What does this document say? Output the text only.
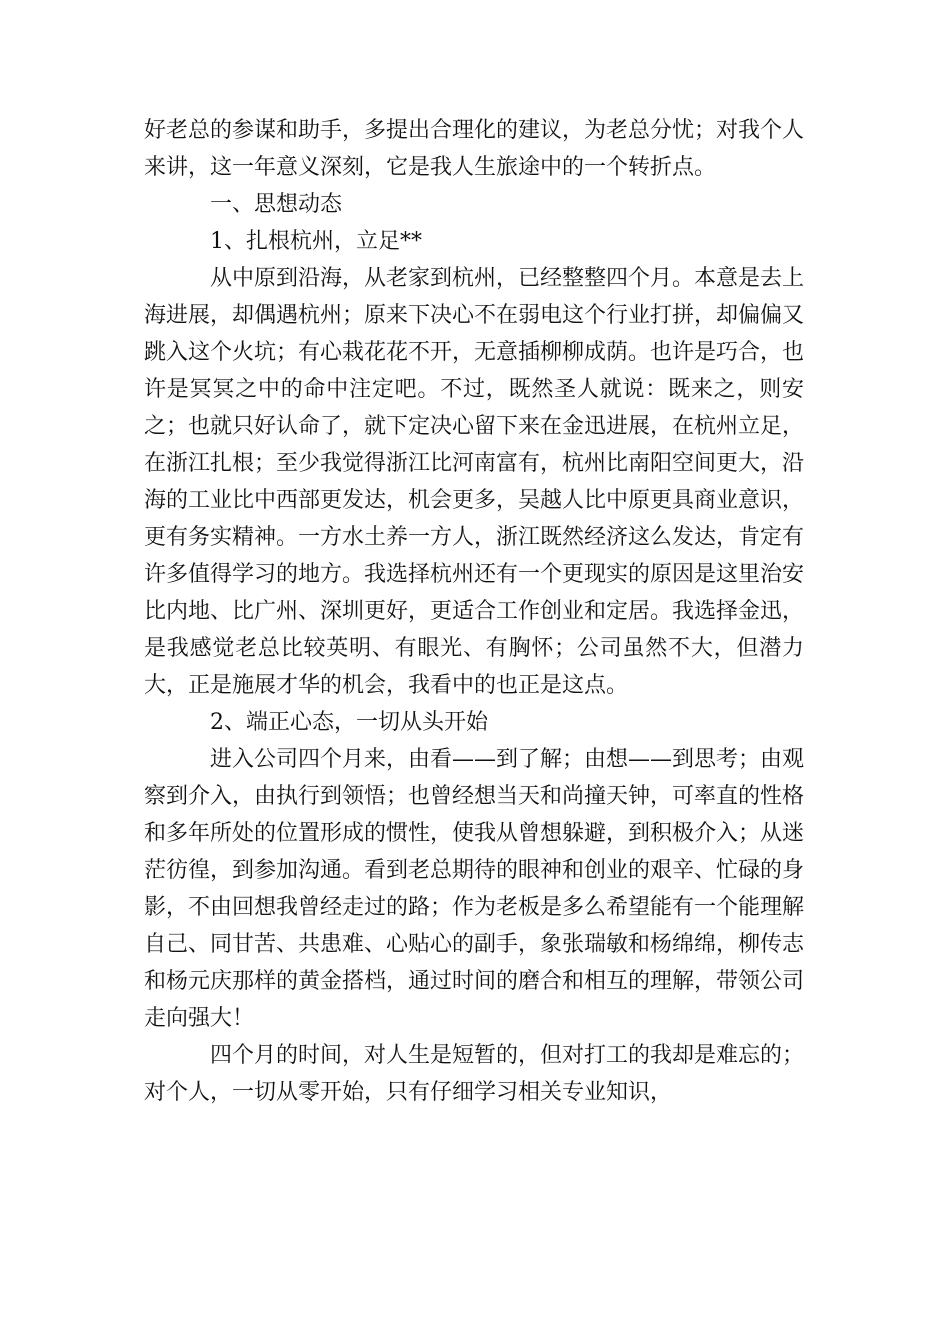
好老总的参谋和助手，多提出合理化的建议，为老总分忧；对我个人来讲，这一年意义深刻，它是我人生旅途中的一个转折点。

一、思想动态

1、扎根杭州，立足**

从中原到沿海，从老家到杭州，已经整整四个月。本意是去上海进展，却偶遇杭州；原来下决心不在弱电这个行业打拼，却偏偏又跳入这个火坑；有心栽花花不开，无意插柳柳成荫。也许是巧合，也许是冥冥之中的命中注定吧。不过，既然圣人就说：既来之，则安之；也就只好认命了，就下定决心留下来在金迅进展，在杭州立足，在浙江扎根；至少我觉得浙江比河南富有，杭州比南阳空间更大，沿海的工业比中西部更发达，机会更多，吴越人比中原更具商业意识，更有务实精神。一方水土养一方人，浙江既然经济这么发达，肯定有许多值得学习的地方。我选择杭州还有一个更现实的原因是这里治安比内地、比广州、深圳更好，更适合工作创业和定居。我选择金迅，是我感觉老总比较英明、有眼光、有胸怀；公司虽然不大，但潜力大，正是施展才华的机会，我看中的也正是这点。

2、端正心态，一切从头开始

进入公司四个月来，由看——到了解；由想——到思考；由观察到介入，由执行到领悟；也曾经想当天和尚撞天钟，可率直的性格和多年所处的位置形成的惯性，使我从曾想躲避，到积极介入；从迷茫彷徨，到参加沟通。看到老总期待的眼神和创业的艰辛、忙碌的身影，不由回想我曾经走过的路；作为老板是多么希望能有一个能理解自己、同甘苦、共患难、心贴心的副手，象张瑞敏和杨绵绵，柳传志和杨元庆那样的黄金搭档，通过时间的磨合和相互的理解，带领公司走向强大！

四个月的时间，对人生是短暂的，但对打工的我却是难忘的；对个人，一切从零开始，只有仔细学习相关专业知识，
